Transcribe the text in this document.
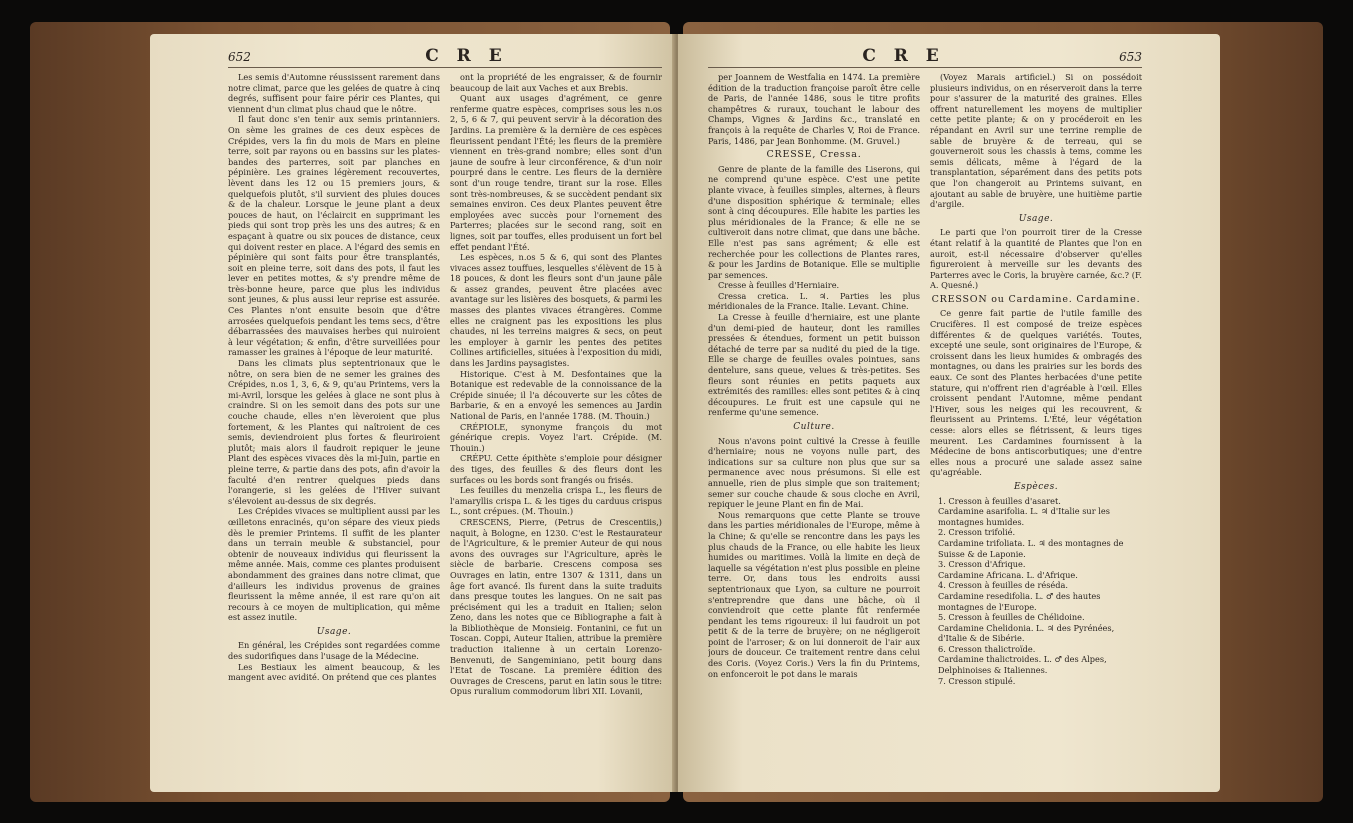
652	C R E

Les semis d'Automne réussissent rarement dans notre climat, parce que les gelées de quatre à cinq degrés, suffisent pour faire périr ces Plantes, qui viennent d'un climat plus chaud que le nôtre.

Il faut donc s'en tenir aux semis printanniers. On sème les graines de ces deux espèces de Crépides, vers la fin du mois de Mars en pleine terre, soit par rayons ou en bassins sur les plates-bandes des parterres, soit par planches en pépinière. Les graines légèrement recouvertes, lèvent dans les 12 ou 15 premiers jours, & quelquefois plutôt, s'il survient des pluies douces & de la chaleur. Lorsque le jeune plant a deux pouces de haut, on l'éclaircit en supprimant les pieds qui sont trop près les uns des autres; & en espaçant à quatre ou six pouces de distance, ceux qui doivent rester en place. A l'égard des semis en pépinière qui sont faits pour être transplantés, soit en pleine terre, soit dans des pots, il faut les lever en petites mottes, & s'y prendre même de très-bonne heure, parce que plus les individus sont jeunes, & plus aussi leur reprise est assurée. Ces Plantes n'ont ensuite besoin que d'être arrosées quelquefois pendant les tems secs, d'être débarrassées des mauvaises herbes qui nuiroient à leur végétation; & enfin, d'être surveillées pour ramasser les graines à l'époque de leur maturité.

Dans les climats plus septentrionaux que le nôtre, on sera bien de ne semer les graines des Crépides, n.os 1, 3, 6, & 9, qu'au Printems, vers la mi-Avril, lorsque les gelées à glace ne sont plus à craindre. Si on les semoit dans des pots sur une couche chaude, elles n'en lèveroient que plus fortement, & les Plantes qui naîtroient de ces semis, deviendroient plus fortes & fleuriroient plutôt; mais alors il faudroit repiquer le jeune Plant des espèces vivaces dès la mi-Juin, partie en pleine terre, & partie dans des pots, afin d'avoir la faculté d'en rentrer quelques pieds dans l'orangerie, si les gelées de l'Hiver suivant s'élevoient au-dessus de six degrés.

Les Crépides vivaces se multiplient aussi par les œilletons enracinés, qu'on sépare des vieux pieds dès le premier Printems. Il suffit de les planter dans un terrain meuble & substanciel, pour obtenir de nouveaux individus qui fleurissent la même année. Mais, comme ces plantes produisent abondamment des graines dans notre climat, que d'ailleurs les individus provenus de graines fleurissent la même année, il est rare qu'on ait recours à ce moyen de multiplication, qui même est assez inutile.

Usage.

En général, les Crépides sont regardées comme des sudorifiques dans l'usage de la Médecine.

Les Bestiaux les aiment beaucoup, & les mangent avec avidité. On prétend que ces plantes

ont la propriété de les engraisser, & de fournir beaucoup de lait aux Vaches et aux Brebis.

Quant aux usages d'agrément, ce genre renferme quatre espèces, comprises sous les n.os 2, 5, 6 & 7, qui peuvent servir à la décoration des Jardins. La première & la dernière de ces espèces fleurissent pendant l'Été; les fleurs de la première viennent en très-grand nombre; elles sont d'un jaune de soufre à leur circonférence, & d'un noir pourpré dans le centre. Les fleurs de la dernière sont d'un rouge tendre, tirant sur la rose. Elles sont très-nombreuses, & se succèdent pendant six semaines environ. Ces deux Plantes peuvent être employées avec succès pour l'ornement des Parterres; placées sur le second rang, soit en lignes, soit par touffes, elles produisent un fort bel effet pendant l'Été.

Les espèces, n.os 5 & 6, qui sont des Plantes vivaces assez touffues, lesquelles s'élèvent de 15 à 18 pouces, & dont les fleurs sont d'un jaune pâle & assez grandes, peuvent être placées avec avantage sur les lisières des bosquets, & parmi les masses des plantes vivaces étrangères. Comme elles ne craignent pas les expositions les plus chaudes, ni les terreins maigres & secs, on peut les employer à garnir les pentes des petites Collines artificielles, situées à l'exposition du midi, dans les Jardins paysagistes.

Historique. C'est à M. Desfontaines que la Botanique est redevable de la connoissance de la Crépide sinuée; il l'a découverte sur les côtes de Barbarie, & en a envoyé les semences au Jardin National de Paris, en l'année 1788. (M. Thouin.)

CRÉPIOLE, synonyme françois du mot générique crepis. Voyez l'art. Crépide. (M. Thouin.)

CRÉPU. Cette épithète s'emploie pour désigner des tiges, des feuilles & des fleurs dont les surfaces ou les bords sont frangés ou frisés.

Les feuilles du menzelia crispa L., les fleurs de l'amaryllis crispa L. & les tiges du carduus crispus L., sont crépues. (M. Thouin.)

CRESCENS, Pierre, (Petrus de Crescentiis,) naquit, à Bologne, en 1230. C'est le Restaurateur de l'Agriculture, & le premier Auteur de qui nous avons des ouvrages sur l'Agriculture, après le siècle de barbarie. Crescens composa ses Ouvrages en latin, entre 1307 & 1311, dans un âge fort avancé. Ils furent dans la suite traduits dans presque toutes les langues. On ne sait pas précisément qui les a traduit en Italien; selon Zeno, dans les notes que ce Bibliographe a fait à la Bibliothèque de Monsieig. Fontanini, ce fut un Toscan. Coppi, Auteur Italien, attribue la première traduction italienne à un certain Lorenzo-Benvenuti, de Sangeminiano, petit bourg dans l'Etat de Toscane. La première édition des Ouvrages de Crescens, parut en latin sous le titre: Opus ruralium commodorum libri XII. Lovanii,

C R E	653

per Joannem de Westfalia en 1474. La première édition de la traduction françoise paroît être celle de Paris, de l'année 1486, sous le titre profits champêtres & ruraux, touchant le labour des Champs, Vignes & Jardins &c., translaté en françois à la requête de Charles V, Roi de France. Paris, 1486, par Jean Bonhomme. (M. Gruvel.)

CRESSE, Cressa.

Genre de plante de la famille des Liserons, qui ne comprend qu'une espèce. C'est une petite plante vivace, à feuilles simples, alternes, à fleurs d'une disposition sphérique & terminale; elles sont à cinq découpures. Elle habite les parties les plus méridionales de la France; & elle ne se cultiveroit dans notre climat, que dans une bâche. Elle n'est pas sans agrément; & elle est recherchée pour les collections de Plantes rares, & pour les Jardins de Botanique. Elle se multiplie par semences.

Cresse à feuilles d'Herniaire.

Cressa cretica. L. ♃. Parties les plus méridionales de la France. Italie. Levant. Chine.

La Cresse à feuille d'herniaire, est une plante d'un demi-pied de hauteur, dont les ramilles pressées & étendues, forment un petit buisson détaché de terre par sa nudité du pied de la tige. Elle se charge de feuilles ovales pointues, sans dentelure, sans queue, velues & très-petites. Ses fleurs sont réunies en petits paquets aux extrémités des ramilles: elles sont petites & à cinq découpures. Le fruit est une capsule qui ne renferme qu'une semence.

Culture.

Nous n'avons point cultivé la Cresse à feuille d'herniaire; nous ne voyons nulle part, des indications sur sa culture non plus que sur sa permanence avec nous présumons. Si elle est annuelle, rien de plus simple que son traitement; semer sur couche chaude & sous cloche en Avril, repiquer le jeune Plant en fin de Mai.

Nous remarquons que cette Plante se trouve dans les parties méridionales de l'Europe, même à la Chine; & qu'elle se rencontre dans les pays les plus chauds de la France, ou elle habite les lieux humides ou maritimes. Voilà la limite en deçà de laquelle sa végétation n'est plus possible en pleine terre. Or, dans tous les endroits aussi septentrionaux que Lyon, sa culture ne pourroit s'entreprendre que dans une bâche, où il conviendroit que cette plante fût renfermée pendant les tems rigoureux: il lui faudroit un pot petit & de la terre de bruyère; on ne négligeroit point de l'arroser; & on lui donneroit de l'air aux jours de douceur. Ce traitement rentre dans celui des Coris. (Voyez Coris.) Vers la fin du Printems, on enfonceroit le pot dans le marais

(Voyez Marais artificiel.) Si on possédoit plusieurs individus, on en réserveroit dans la terre pour s'assurer de la maturité des graines. Elles offrent naturellement les moyens de multiplier cette petite plante; & on y procéderoit en les répandant en Avril sur une terrine remplie de sable de bruyère & de terreau, qui se gouverneroit sous les chassis à tems, comme les semis délicats, même à l'égard de la transplantation, séparément dans des petits pots que l'on changeroit au Printems suivant, en ajoutant au sable de bruyère, une huitième partie d'argile.

Usage.

Le parti que l'on pourroit tirer de la Cresse étant relatif à la quantité de Plantes que l'on en auroit, est-il nécessaire d'observer qu'elles figureroient à merveille sur les devants des Parterres avec le Coris, la bruyère carnée, &c.? (F. A. Quesné.)

CRESSON ou Cardamine. Cardamine.

Ce genre fait partie de l'utile famille des Crucifères. Il est composé de treize espèces différentes & de quelques variétés. Toutes, excepté une seule, sont originaires de l'Europe, & croissent dans les lieux humides & ombragés des montagnes, ou dans les prairies sur les bords des eaux. Ce sont des Plantes herbacées d'une petite stature, qui n'offrent rien d'agréable à l'œil. Elles croissent pendant l'Automne, même pendant l'Hiver, sous les neiges qui les recouvrent, & fleurissent au Printems. L'Été, leur végétation cesse: alors elles se flétrissent, & leurs tiges meurent. Les Cardamines fournissent à la Médecine de bons antiscorbutiques; une d'entre elles nous a procuré une salade assez saine qu'agréable.

Espèces.

1. Cresson à feuilles d'asaret.

Cardamine asarifolia. L. ♃ d'Italie sur les montagnes humides.

2. Cresson trifolié.

Cardamine trifoliata. L. ♃ des montagnes de Suisse & de Laponie.

3. Cresson d'Afrique.

Cardamine Africana. L. d'Afrique.

4. Cresson à feuilles de réséda.

Cardamine resedifolia. L. ♂ des hautes montagnes de l'Europe.

5. Cresson à feuilles de Chélidoine.

Cardamine Chelidonia. L. ♃ des Pyrénées, d'Italie & de Sibérie.

6. Cresson thalictroïde.

Cardamine thalictroides. L. ♂ des Alpes, Delphinoises & Italiennes.

7. Cresson stipulé.
